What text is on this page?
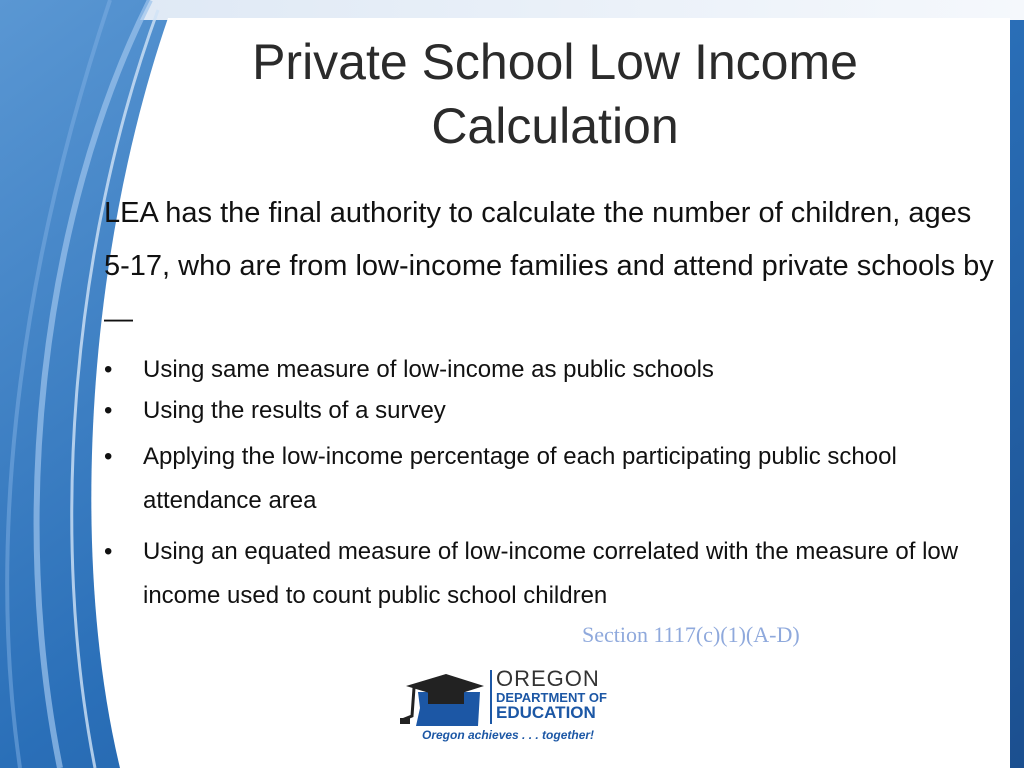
Private School Low Income
Calculation
LEA has the final authority to calculate the number of children, ages 5-17, who are from low-income families and attend private schools by—
•	Using same measure of low-income as public schools
•	Using the results of a survey
•	Applying the low-income percentage of each participating public school attendance area
•	Using an equated measure of low-income correlated with the measure of low income used to count public school children
Section 1117(c)(1)(A-D)
OREGON
DEPARTMENT OF
EDUCATION
Oregon achieves . . . together!
